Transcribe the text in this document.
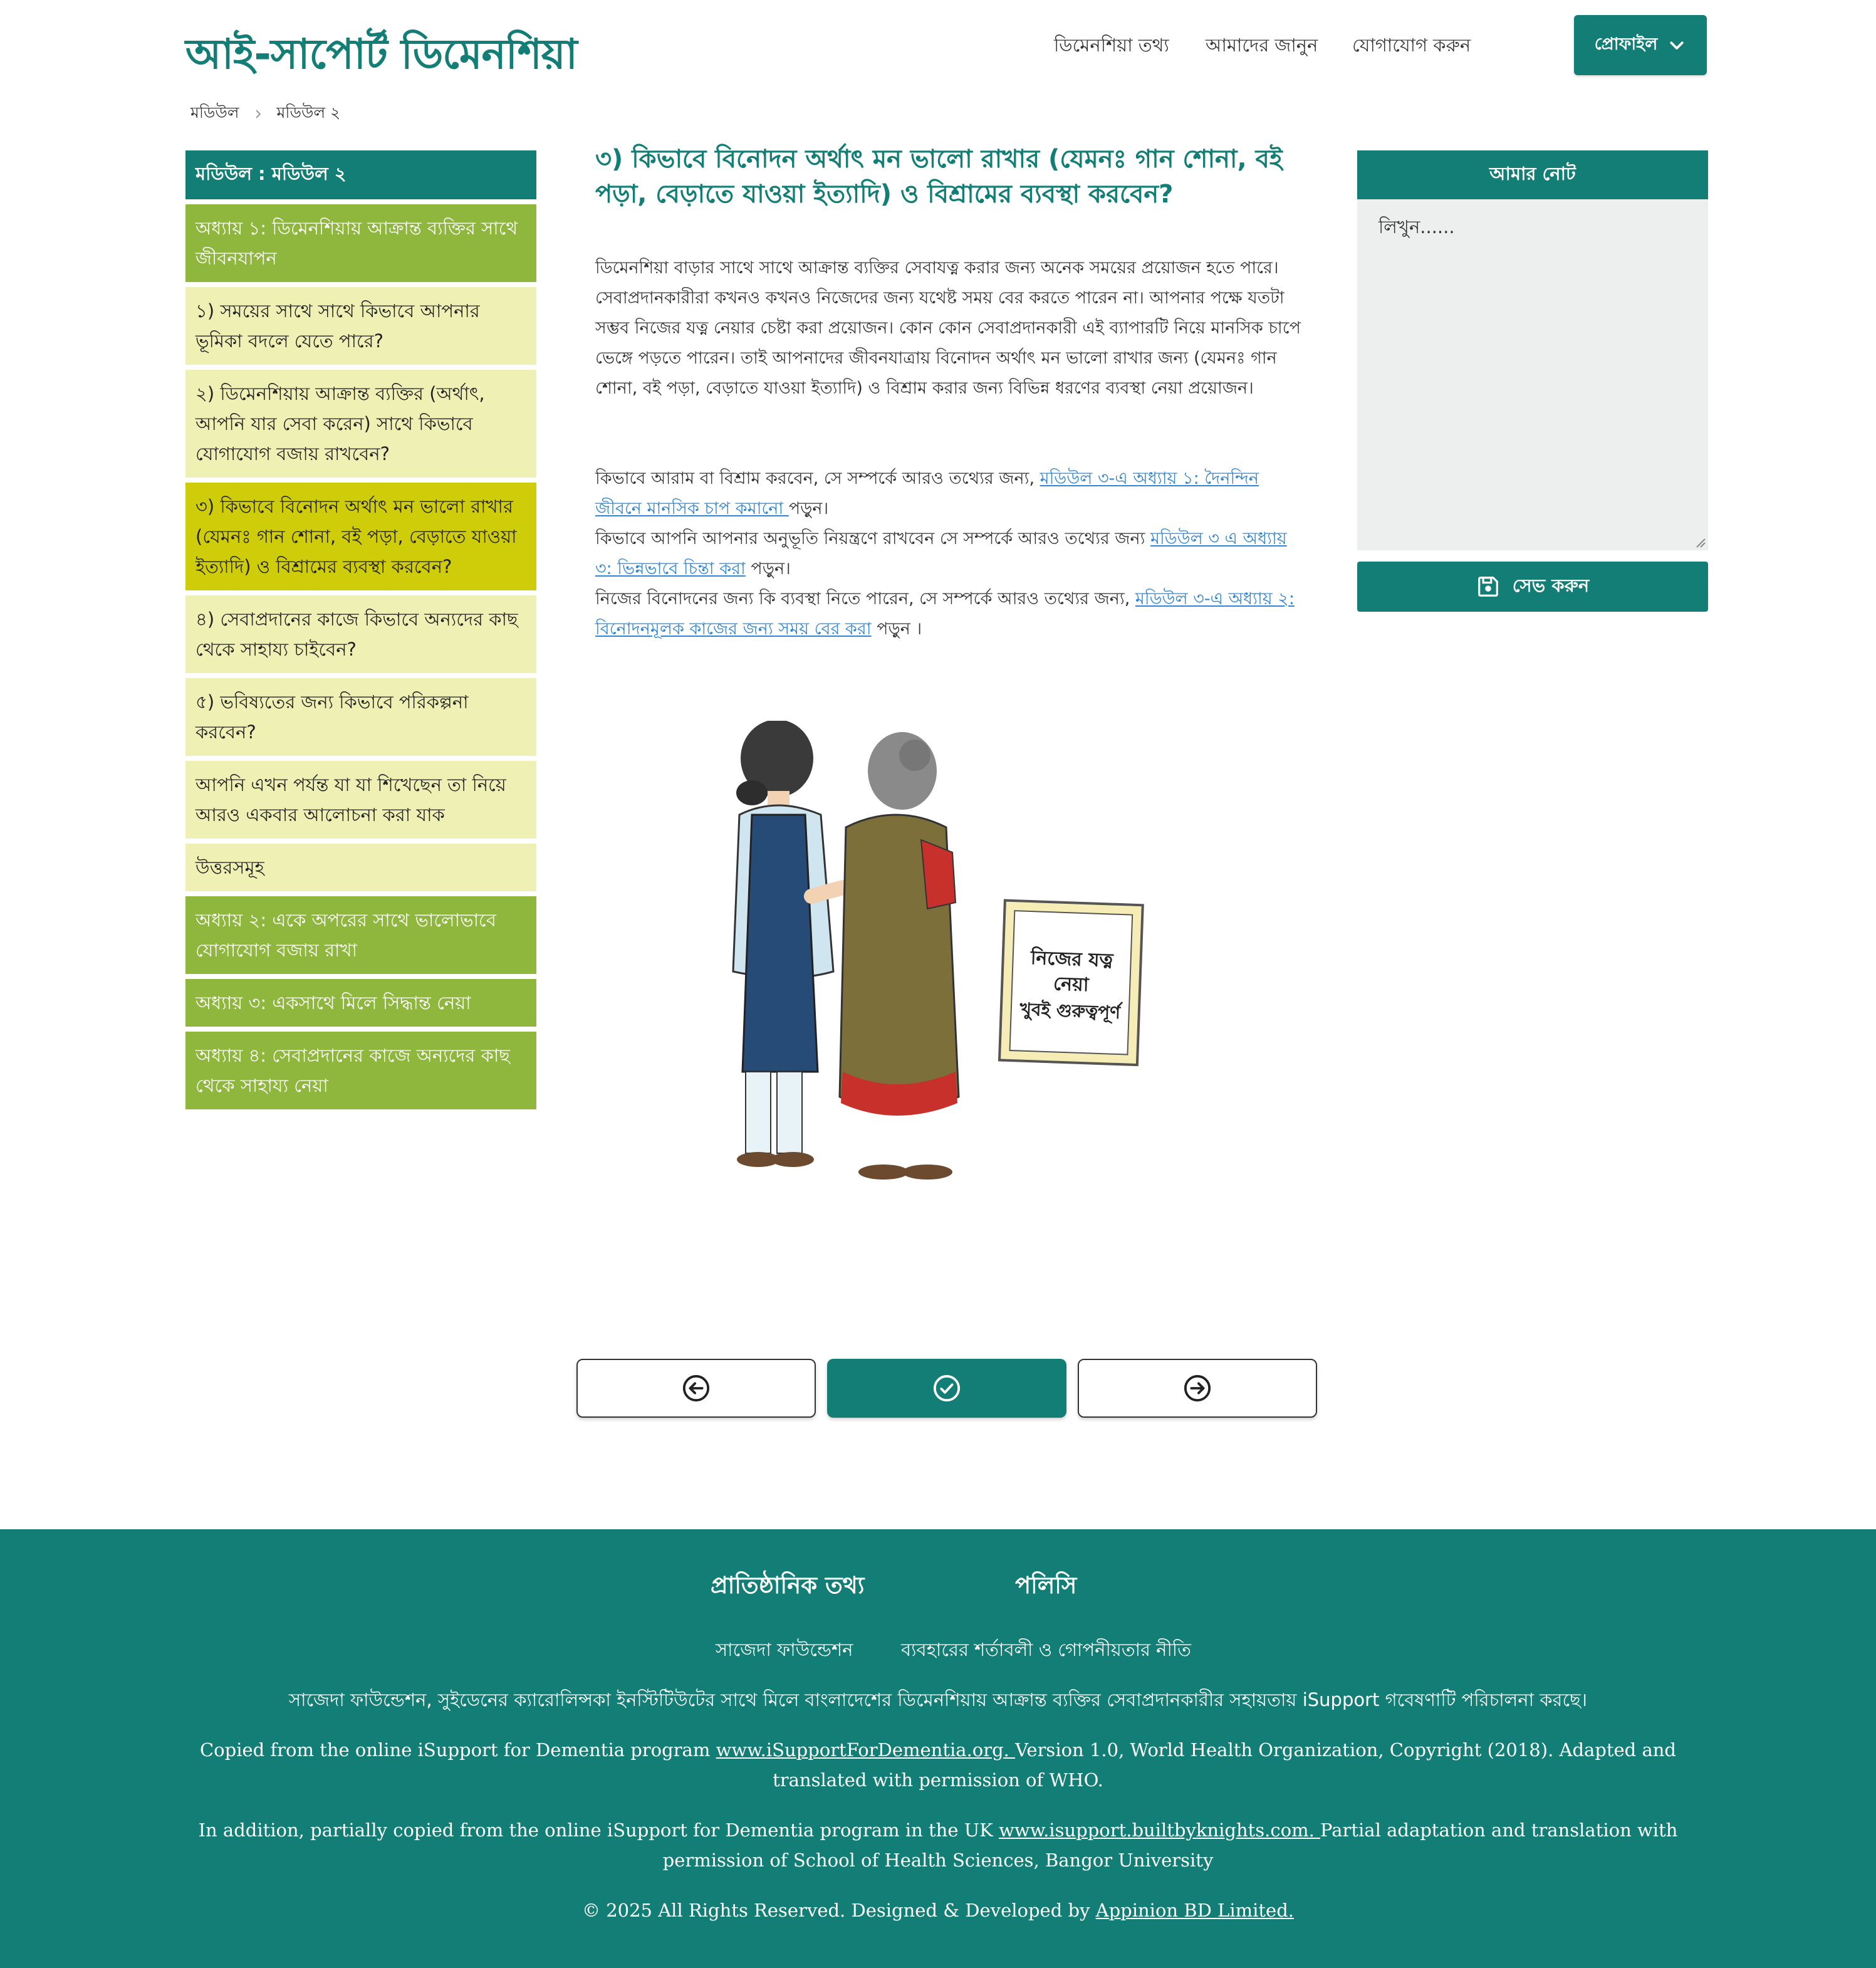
আই-সাপোর্ট ডিমেনশিয়া	ডিমেনশিয়া তথ্য আমাদের জানুন যোগাযোগ করুন	প্রোফাইল
মডিউল মডিউল ২
মডিউল : মডিউল ২
অধ্যায় ১: ডিমেনশিয়ায় আক্রান্ত ব্যক্তির সাথে জীবনযাপন
১) সময়ের সাথে সাথে কিভাবে আপনার ভূমিকা বদলে যেতে পারে?
২) ডিমেনশিয়ায় আক্রান্ত ব্যক্তির (অর্থাৎ, আপনি যার সেবা করেন) সাথে কিভাবে যোগাযোগ বজায় রাখবেন?
৩) কিভাবে বিনোদন অর্থাৎ মন ভালো রাখার (যেমনঃ গান শোনা, বই পড়া, বেড়াতে যাওয়া ইত্যাদি) ও বিশ্রামের ব্যবস্থা করবেন?
৪) সেবাপ্রদানের কাজে কিভাবে অন্যদের কাছ থেকে সাহায্য চাইবেন?
৫) ভবিষ্যতের জন্য কিভাবে পরিকল্পনা করবেন?
আপনি এখন পর্যন্ত যা যা শিখেছেন তা নিয়ে আরও একবার আলোচনা করা যাক
উত্তরসমূহ
অধ্যায় ২: একে অপরের সাথে ভালোভাবে যোগাযোগ বজায় রাখা
অধ্যায় ৩: একসাথে মিলে সিদ্ধান্ত নেয়া
অধ্যায় ৪: সেবাপ্রদানের কাজে অন্যদের কাছ থেকে সাহায্য নেয়া
৩) কিভাবে বিনোদন অর্থাৎ মন ভালো রাখার (যেমনঃ গান শোনা, বই পড়া, বেড়াতে যাওয়া ইত্যাদি) ও বিশ্রামের ব্যবস্থা করবেন?

ডিমেনশিয়া বাড়ার সাথে সাথে আক্রান্ত ব্যক্তির সেবাযত্ন করার জন্য অনেক সময়ের প্রয়োজন হতে পারে। সেবাপ্রদানকারীরা কখনও কখনও নিজেদের জন্য যথেষ্ট সময় বের করতে পারেন না। আপনার পক্ষে যতটা সম্ভব নিজের যত্ন নেয়ার চেষ্টা করা প্রয়োজন। কোন কোন সেবাপ্রদানকারী এই ব্যাপারটি নিয়ে মানসিক চাপে ভেঙ্গে পড়তে পারেন। তাই আপনাদের জীবনযাত্রায় বিনোদন অর্থাৎ মন ভালো রাখার জন্য (যেমনঃ গান শোনা, বই পড়া, বেড়াতে যাওয়া ইত্যাদি) ও বিশ্রাম করার জন্য বিভিন্ন ধরণের ব্যবস্থা নেয়া প্রয়োজন।

কিভাবে আরাম বা বিশ্রাম করবেন, সে সম্পর্কে আরও তথ্যের জন্য, মডিউল ৩-এ অধ্যায় ১: দৈনন্দিন জীবনে মানসিক চাপ কমানো পড়ুন।

কিভাবে আপনি আপনার অনুভূতি নিয়ন্ত্রণে রাখবেন সে সম্পর্কে আরও তথ্যের জন্য মডিউল ৩ এ অধ্যায় ৩: ভিন্নভাবে চিন্তা করা পড়ুন।

নিজের বিনোদনের জন্য কি ব্যবস্থা নিতে পারেন, সে সম্পর্কে আরও তথ্যের জন্য, মডিউল ৩-এ অধ্যায় ২: বিনোদনমূলক কাজের জন্য সময় বের করা পড়ুন ।

নিজের যত্ন
নেয়া
খুবই গুরুত্বপূর্ণ
আমার নোট
লিখুন......
সেভ করুন
প্রাতিষ্ঠানিক তথ্য	পলিসি
সাজেদা ফাউন্ডেশন	ব্যবহারের শর্তাবলী ও গোপনীয়তার নীতি
সাজেদা ফাউন্ডেশন, সুইডেনের ক্যারোলিন্সকা ইনস্টিটিউটের সাথে মিলে বাংলাদেশের ডিমেনশিয়ায় আক্রান্ত ব্যক্তির সেবাপ্রদানকারীর সহায়তায় iSupport গবেষণাটি পরিচালনা করছে।
Copied from the online iSupport for Dementia program www.iSupportForDementia.org. Version 1.0, World Health Organization, Copyright (2018). Adapted and translated with permission of WHO.
In addition, partially copied from the online iSupport for Dementia program in the UK www.isupport.builtbyknights.com. Partial adaptation and translation with permission of School of Health Sciences, Bangor University
© 2025 All Rights Reserved. Designed & Developed by Appinion BD Limited.
